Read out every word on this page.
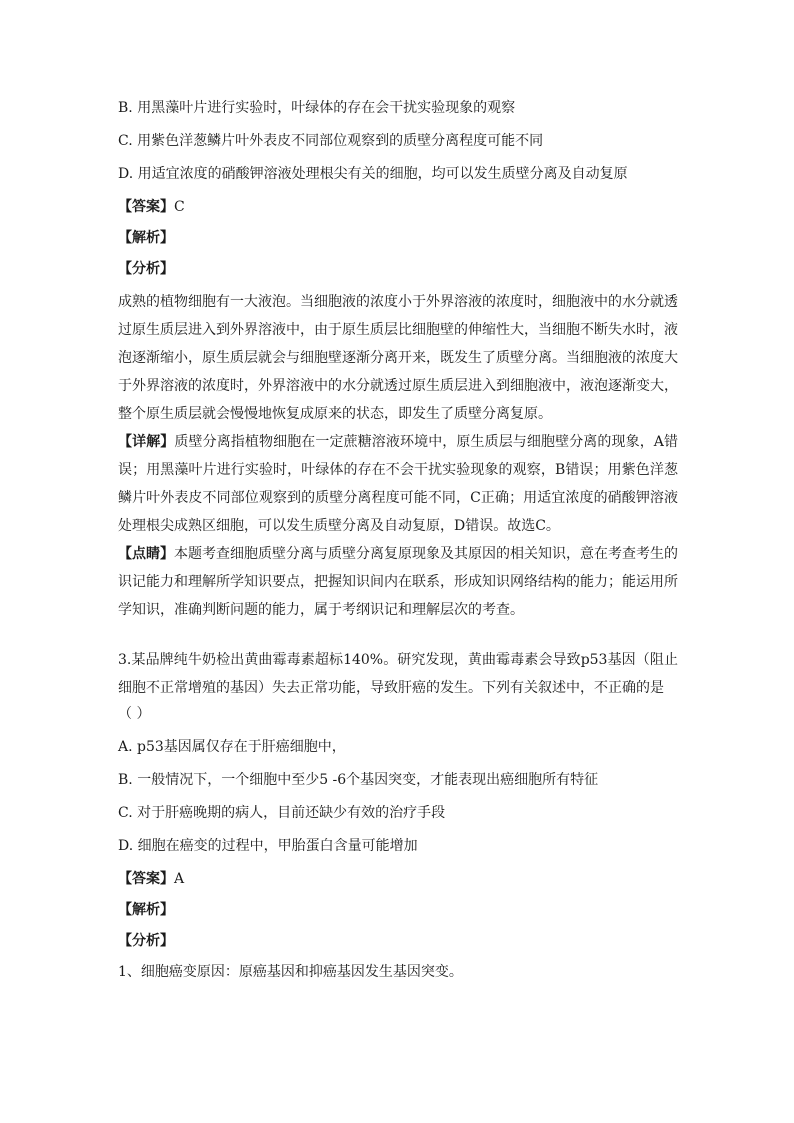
B. 用黑藻叶片进行实验时，叶绿体的存在会干扰实验现象的观察

C. 用紫色洋葱鳞片叶外表皮不同部位观察到的质壁分离程度可能不同

D. 用适宜浓度的硝酸钾溶液处理根尖有关的细胞，均可以发生质壁分离及自动复原

【答案】C

【解析】

【分析】

成熟的植物细胞有一大液泡。当细胞液的浓度小于外界溶液的浓度时，细胞液中的水分就透过原生质层进入到外界溶液中，由于原生质层比细胞壁的伸缩性大，当细胞不断失水时，液泡逐渐缩小，原生质层就会与细胞壁逐渐分离开来，既发生了质壁分离。当细胞液的浓度大于外界溶液的浓度时，外界溶液中的水分就透过原生质层进入到细胞液中，液泡逐渐变大，整个原生质层就会慢慢地恢复成原来的状态，即发生了质壁分离复原。

【详解】质壁分离指植物细胞在一定蔗糖溶液环境中，原生质层与细胞壁分离的现象，A错误；用黑藻叶片进行实验时，叶绿体的存在不会干扰实验现象的观察，B错误；用紫色洋葱鳞片叶外表皮不同部位观察到的质壁分离程度可能不同，C正确；用适宜浓度的硝酸钾溶液处理根尖成熟区细胞，可以发生质壁分离及自动复原，D错误。故选C。

【点睛】本题考查细胞质壁分离与质壁分离复原现象及其原因的相关知识，意在考查考生的识记能力和理解所学知识要点，把握知识间内在联系，形成知识网络结构的能力；能运用所学知识，准确判断问题的能力，属于考纲识记和理解层次的考查。

3.某品牌纯牛奶检出黄曲霉毒素超标140%。研究发现，黄曲霉毒素会导致p53基因（阻止细胞不正常增殖的基因）失去正常功能，导致肝癌的发生。下列有关叙述中，不正确的是

（ ）

A. p53基因属仅存在于肝癌细胞中，

B. 一般情况下，一个细胞中至少5 -6个基因突变，才能表现出癌细胞所有特征

C. 对于肝癌晚期的病人，目前还缺少有效的治疗手段

D. 细胞在癌变的过程中，甲胎蛋白含量可能增加

【答案】A

【解析】

【分析】

1、细胞癌变原因：原癌基因和抑癌基因发生基因突变。
